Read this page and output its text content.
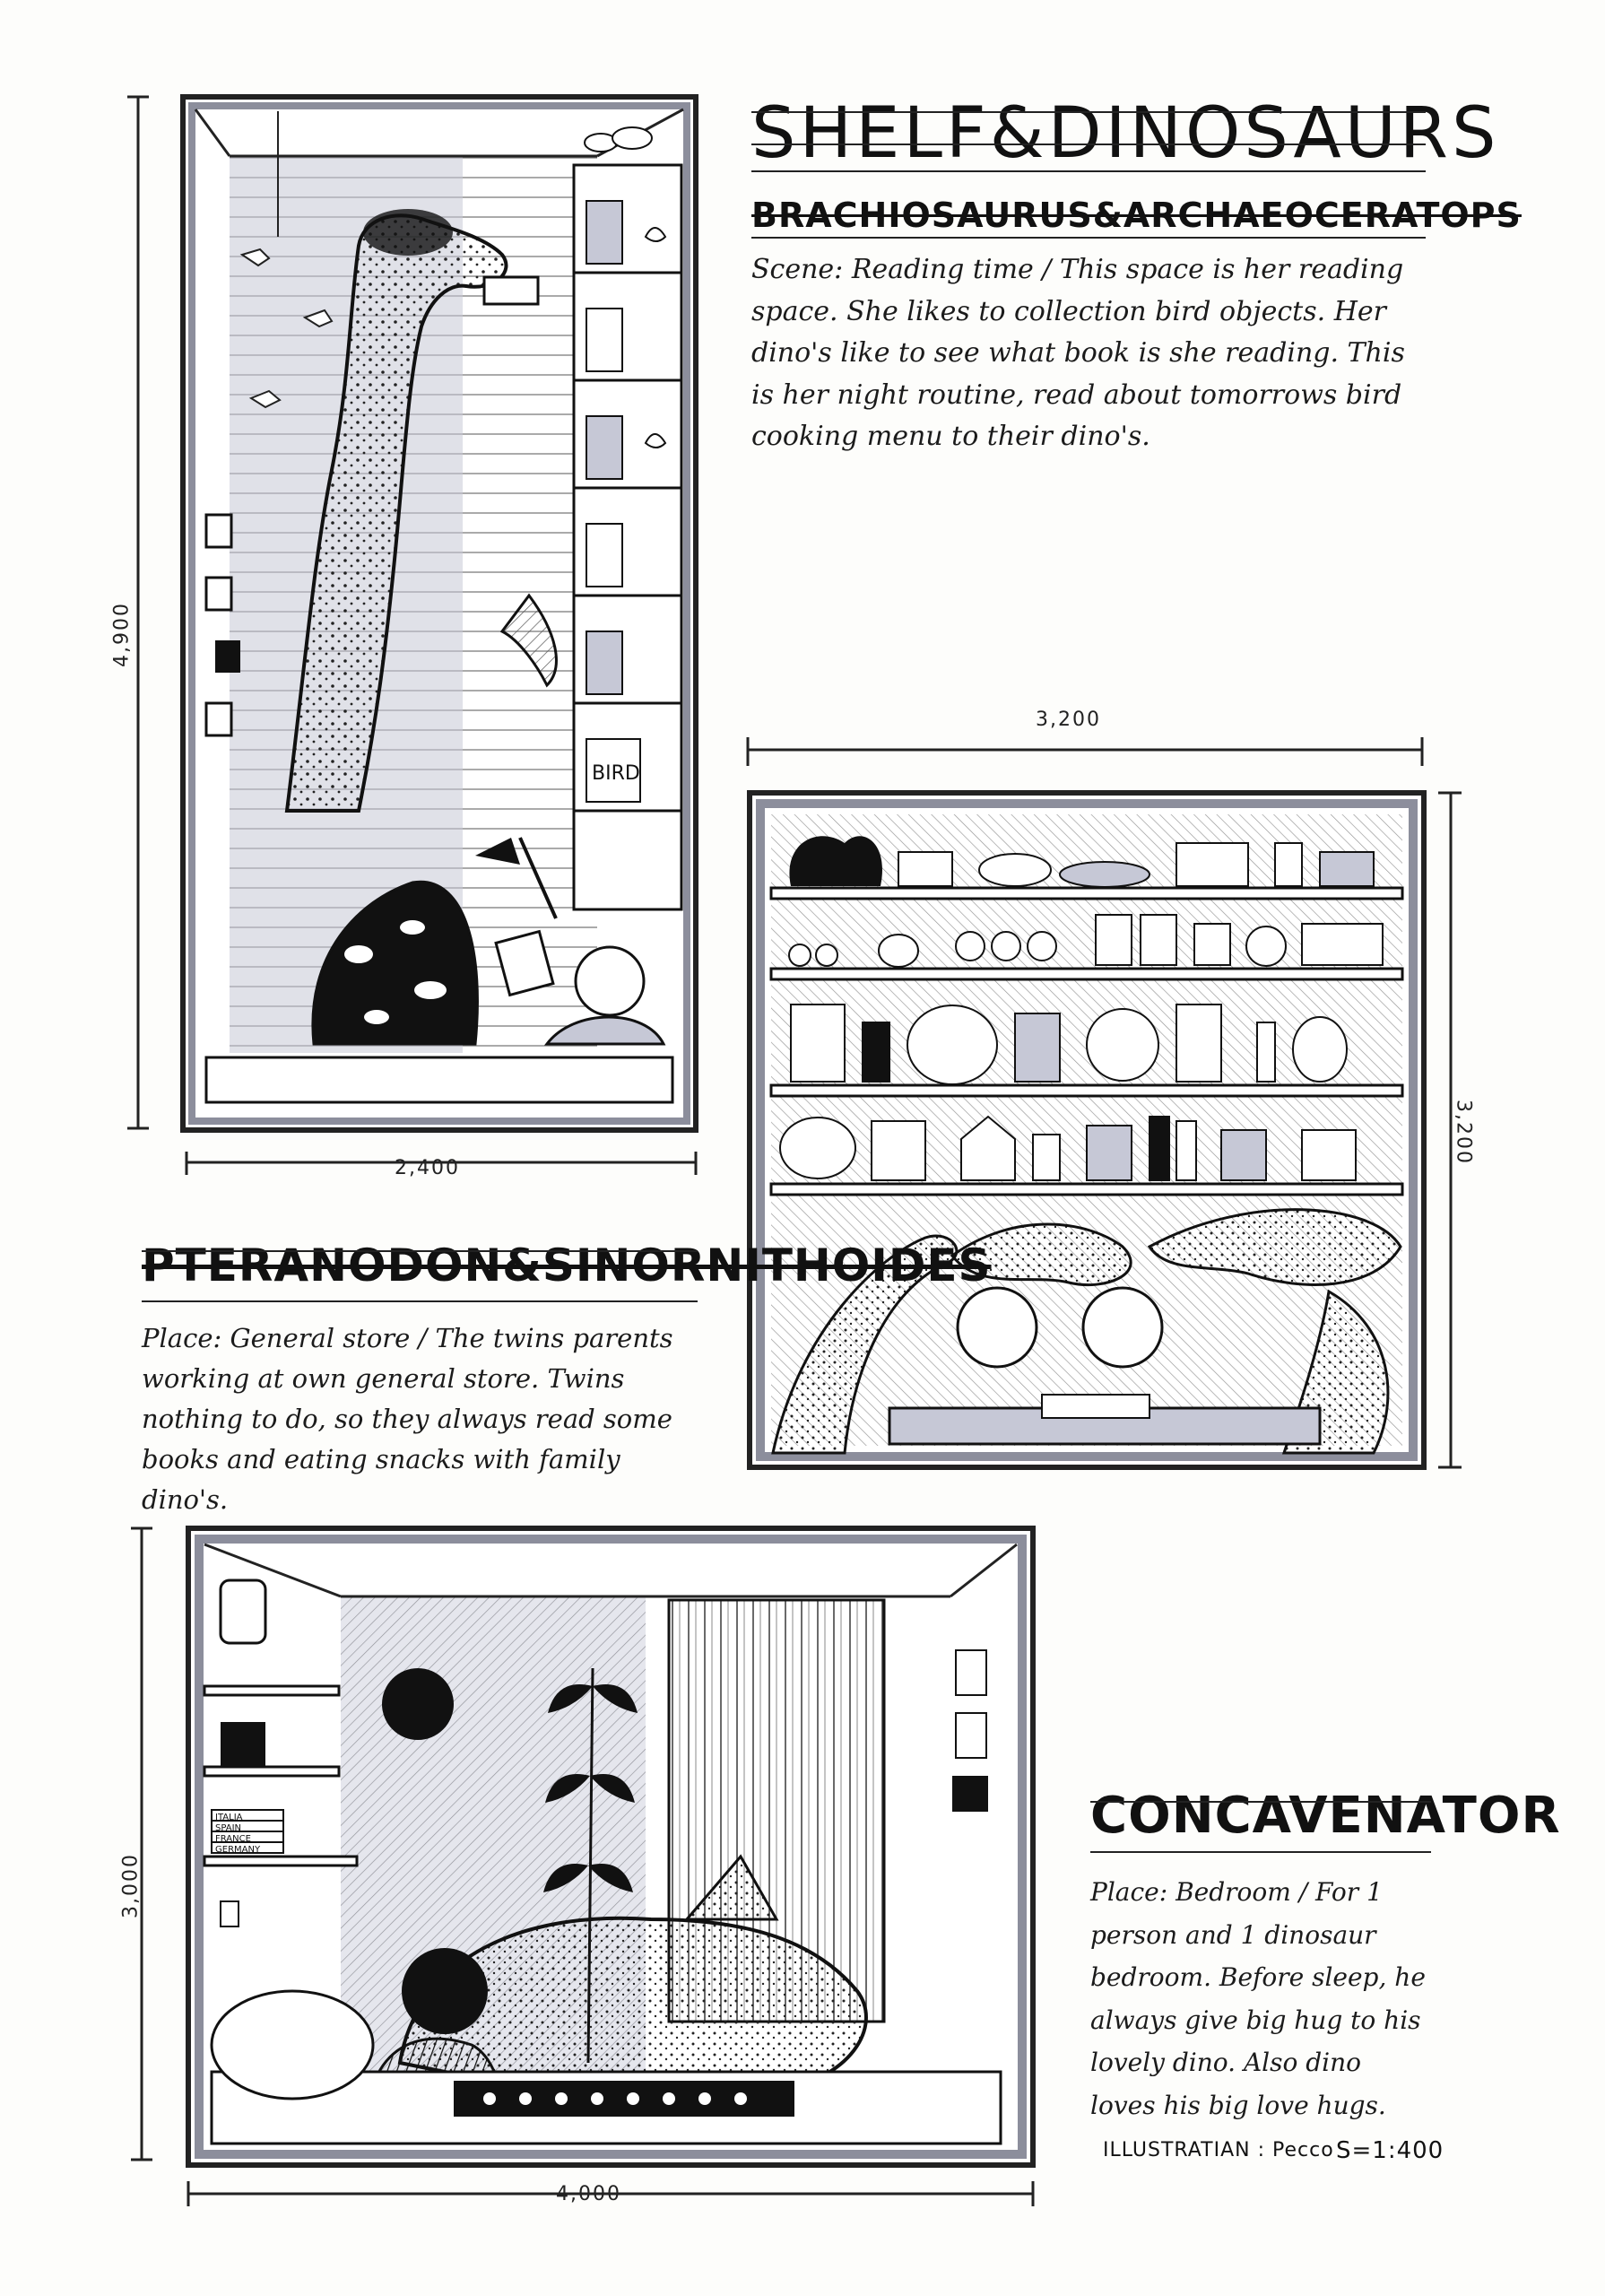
4,900
BIRD
2,400
SHELF&DINOSAURS
BRACHIOSAURUS&ARCHAEOCERATOPS
Scene: Reading time / This space is her reading space. She likes to collection bird objects. Her dino's like to see what book is she reading. This is her night routine, read about tomorrows bird cooking menu to their dino's.
3,200
3,200
PTERANODON&SINORNITHOIDES
Place: General store / The twins parents working at own general store. Twins nothing to do, so they always read some books and eating snacks with family dino's.
3,000
ITALIA
SPAIN
FRANCE
GERMANY
4,000
CONCAVENATOR
Place: Bedroom / For 1 person and 1 dinosaur bedroom. Before sleep, he always give big hug to his lovely dino. Also dino loves his big love hugs.
ILLUSTRATIAN : Pecco S=1:400
